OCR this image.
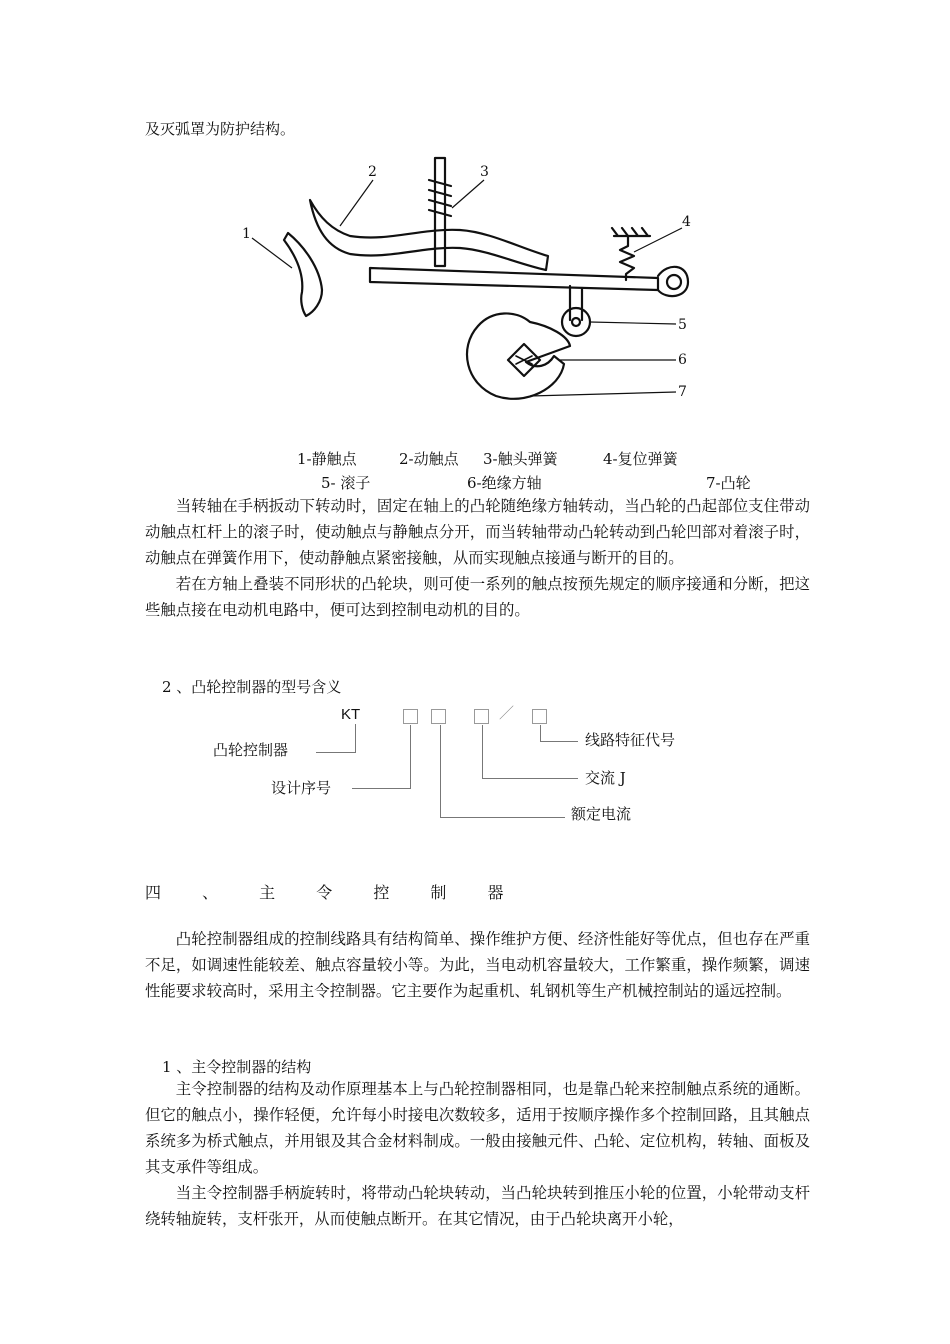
及灭弧罩为防护结构。
1
2	3
4
5
6
7
1-静触点	2-动触点 3-触头弹簧	4-复位弹簧
5- 滚子	6-绝缘方轴	7-凸轮

当转轴在手柄扳动下转动时，固定在轴上的凸轮随绝缘方轴转动，当凸轮的凸起部位支住带动动触点杠杆上的滚子时，使动触点与静触点分开，而当转轴带动凸轮转动到凸轮凹部对着滚子时，动触点在弹簧作用下，使动静触点紧密接触，从而实现触点接通与断开的目的。

若在方轴上叠装不同形状的凸轮块，则可使一系列的触点按预先规定的顺序接通和分断，把这些触点接在电动机电路中，便可达到控制电动机的目的。

2 、凸轮控制器的型号含义
KT	／
凸轮控制器
设计序号
额定电流
交流 J
线路特征代号
四 、 主 令 控 制 器

凸轮控制器组成的控制线路具有结构简单、操作维护方便、经济性能好等优点，但也存在严重不足，如调速性能较差、触点容量较小等。为此，当电动机容量较大，工作繁重，操作频繁，调速性能要求较高时，采用主令控制器。它主要作为起重机、轧钢机等生产机械控制站的遥远控制。

1 、主令控制器的结构

主令控制器的结构及动作原理基本上与凸轮控制器相同，也是靠凸轮来控制触点系统的通断。但它的触点小，操作轻便，允许每小时接电次数较多，适用于按顺序操作多个控制回路，且其触点系统多为桥式触点，并用银及其合金材料制成。一般由接触元件、凸轮、定位机构，转轴、面板及其支承件等组成。

当主令控制器手柄旋转时，将带动凸轮块转动，当凸轮块转到推压小轮的位置，小轮带动支杆绕转轴旋转，支杆张开，从而使触点断开。在其它情况，由于凸轮块离开小轮，
